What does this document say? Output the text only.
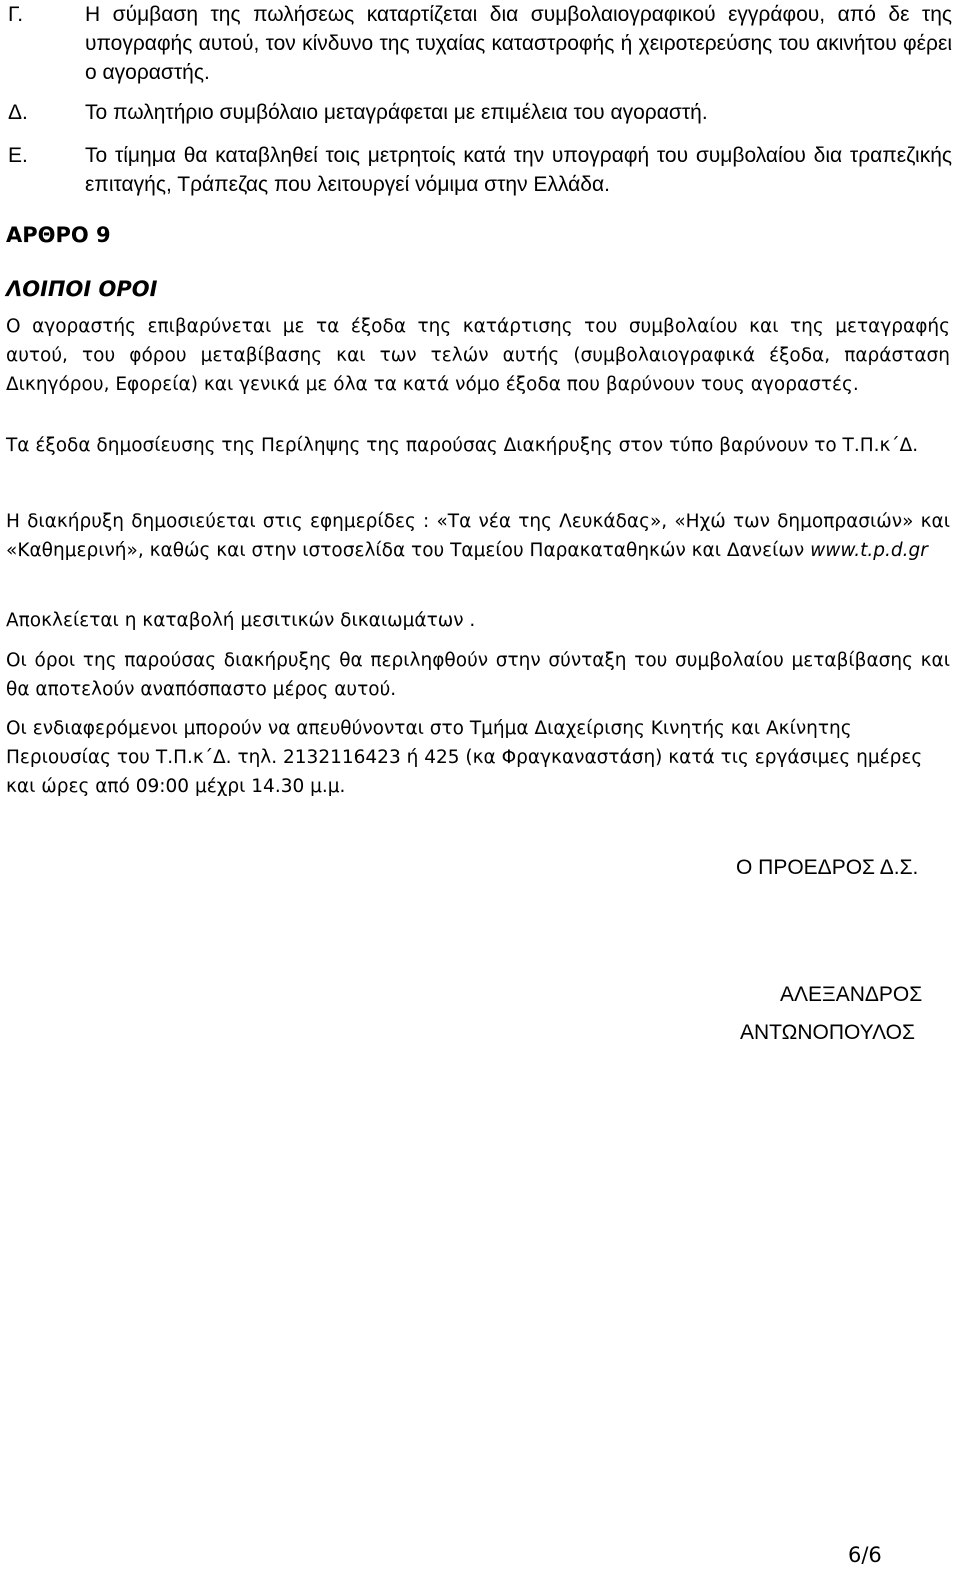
Γ.	Η σύμβαση της πωλήσεως καταρτίζεται δια συμβολαιογραφικού εγγράφου, από δε της υπογραφής αυτού, τον κίνδυνο της τυχαίας καταστροφής ή χειροτερεύσης του ακινήτου φέρει ο αγοραστής.
Δ.	Το πωλητήριο συμβόλαιο μεταγράφεται με επιμέλεια του αγοραστή.
Ε.	Το τίμημα θα καταβληθεί τοις μετρητοίς κατά την υπογραφή του συμβολαίου δια τραπεζικής επιταγής, Τράπεζας που λειτουργεί νόμιμα στην Ελλάδα.
ΑΡΘΡΟ 9
ΛΟΙΠΟΙ ΟΡΟΙ
Ο αγοραστής επιβαρύνεται με τα έξοδα της κατάρτισης του συμβολαίου και της μεταγραφής αυτού, του φόρου μεταβίβασης και των τελών αυτής (συμβολαιογραφικά έξοδα, παράσταση Δικηγόρου, Εφορεία) και γενικά με όλα τα κατά νόμο έξοδα που βαρύνουν τους αγοραστές.
Τα έξοδα δημοσίευσης της Περίληψης της παρούσας Διακήρυξης στον τύπο βαρύνουν το Τ.Π.κ΄Δ.
Η διακήρυξη δημοσιεύεται στις εφημερίδες : «Τα νέα της Λευκάδας», «Ηχώ των δημοπρασιών» και «Καθημερινή», καθώς και στην ιστοσελίδα του Ταμείου Παρακαταθηκών και Δανείων www.t.p.d.gr
Αποκλείεται η καταβολή μεσιτικών δικαιωμάτων .
Οι όροι της παρούσας διακήρυξης θα περιληφθούν στην σύνταξη του συμβολαίου μεταβίβασης και θα αποτελούν αναπόσπαστο μέρος αυτού.
Οι ενδιαφερόμενοι μπορούν να απευθύνονται στο Τμήμα Διαχείρισης Κινητής και Ακίνητης Περιουσίας του Τ.Π.κ΄Δ. τηλ. 2132116423 ή 425 (κα Φραγκαναστάση) κατά τις εργάσιμες ημέρες και ώρες από 09:00 μέχρι 14.30 μ.μ.
Ο ΠΡΟΕΔΡΟΣ Δ.Σ.
ΑΛΕΞΑΝΔΡΟΣ
ΑΝΤΩΝΟΠΟΥΛΟΣ
6/6
